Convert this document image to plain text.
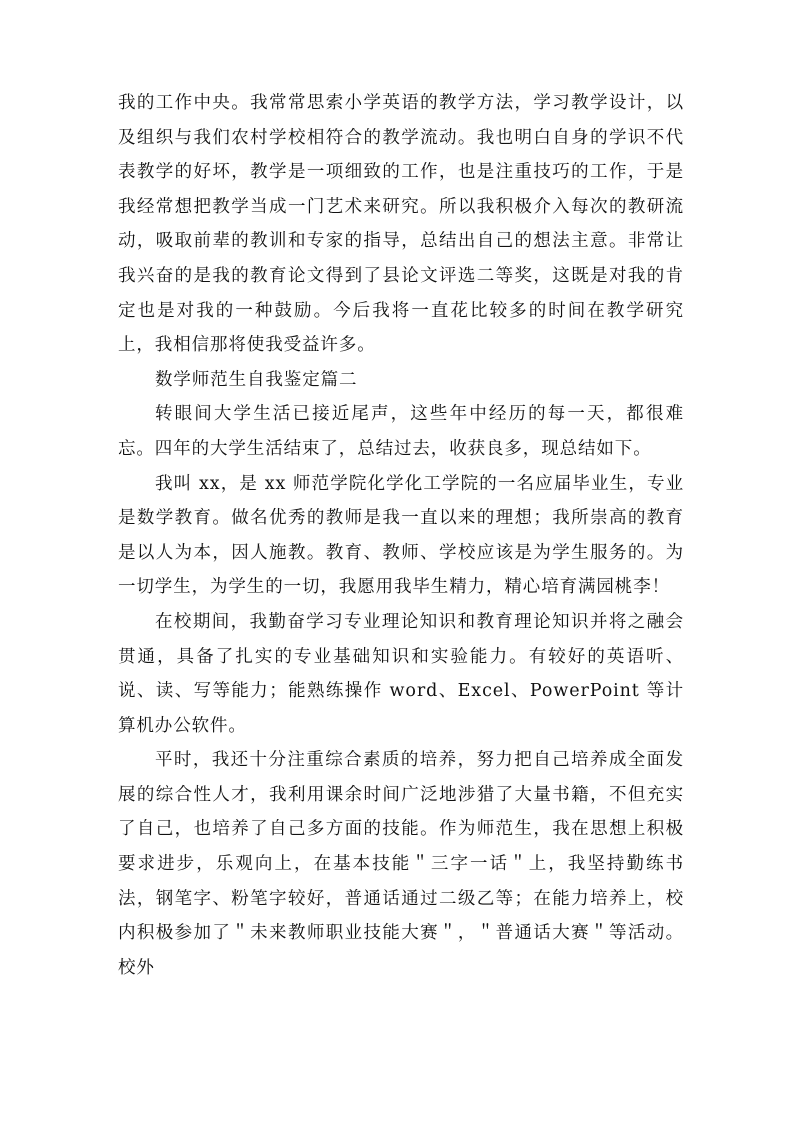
我的工作中央。我常常思索小学英语的教学方法，学习教学设计，以及组织与我们农村学校相符合的教学流动。我也明白自身的学识不代表教学的好坏，教学是一项细致的工作，也是注重技巧的工作，于是我经常想把教学当成一门艺术来研究。所以我积极介入每次的教研流动，吸取前辈的教训和专家的指导，总结出自己的想法主意。非常让我兴奋的是我的教育论文得到了县论文评选二等奖，这既是对我的肯定也是对我的一种鼓励。今后我将一直花比较多的时间在教学研究上，我相信那将使我受益许多。

数学师范生自我鉴定篇二

转眼间大学生活已接近尾声，这些年中经历的每一天，都很难忘。四年的大学生活结束了，总结过去，收获良多，现总结如下。

我叫 xx，是 xx 师范学院化学化工学院的一名应届毕业生，专业是数学教育。做名优秀的教师是我一直以来的理想；我所崇高的教育是以人为本，因人施教。教育、教师、学校应该是为学生服务的。为一切学生，为学生的一切，我愿用我毕生精力，精心培育满园桃李！

在校期间，我勤奋学习专业理论知识和教育理论知识并将之融会贯通，具备了扎实的专业基础知识和实验能力。有较好的英语听、说、读、写等能力；能熟练操作 word、Excel、PowerPoint 等计算机办公软件。

平时，我还十分注重综合素质的培养，努力把自己培养成全面发展的综合性人才，我利用课余时间广泛地涉猎了大量书籍，不但充实了自己，也培养了自己多方面的技能。作为师范生，我在思想上积极要求进步，乐观向上，在基本技能＂三字一话＂上，我坚持勤练书法，钢笔字、粉笔字较好，普通话通过二级乙等；在能力培养上，校内积极参加了＂未来教师职业技能大赛＂，＂普通话大赛＂等活动。校外
